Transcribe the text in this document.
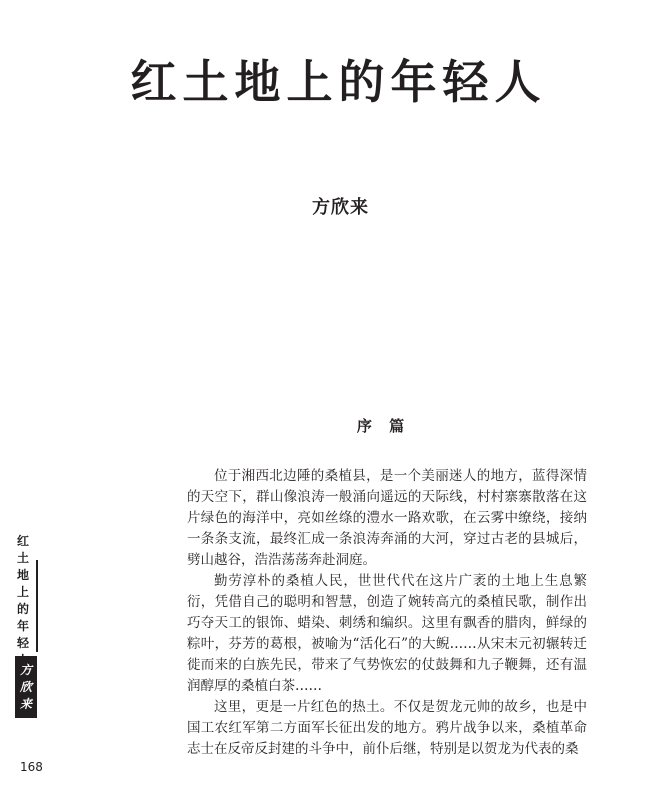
红土地上的年轻人
方欣来
序 篇

位于湘西北边陲的桑植县，是一个美丽迷人的地方，蓝得深情的天空下，群山像浪涛一般涌向遥远的天际线，村村寨寨散落在这片绿色的海洋中，亮如丝绦的澧水一路欢歌，在云雾中缭绕，接纳一条条支流，最终汇成一条浪涛奔涌的大河，穿过古老的县城后，劈山越谷，浩浩荡荡奔赴洞庭。

勤劳淳朴的桑植人民，世世代代在这片广袤的土地上生息繁衍，凭借自己的聪明和智慧，创造了婉转高亢的桑植民歌，制作出巧夺天工的银饰、蜡染、刺绣和编织。这里有飘香的腊肉，鲜绿的粽叶，芬芳的葛根，被喻为“活化石”的大鲵……从宋末元初辗转迁徙而来的白族先民，带来了气势恢宏的仗鼓舞和九子鞭舞，还有温润醇厚的桑植白茶……

这里，更是一片红色的热土。不仅是贺龙元帅的故乡，也是中国工农红军第二方面军长征出发的地方。鸦片战争以来，桑植革命志士在反帝反封建的斗争中，前仆后继，特别是以贺龙为代表的桑

红
土
地
上
的
年
轻
方
欣
来
168
